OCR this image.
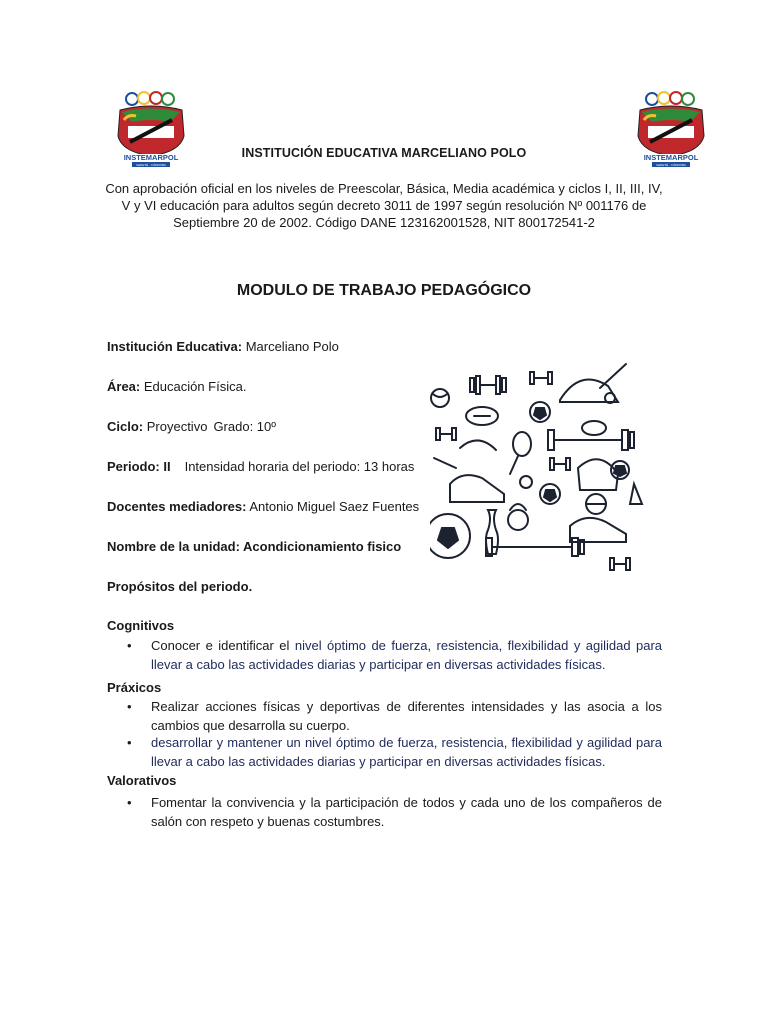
INSTEMARPOL
CERETÉ - CÓRDOBA
INSTEMARPOL
CERETÉ - CÓRDOBA
INSTITUCIÓN EDUCATIVA MARCELIANO POLO
Con aprobación oficial en los niveles de Preescolar, Básica, Media académica y ciclos I, II, III, IV, V y VI educación para adultos según decreto 3011 de 1997 según resolución Nº 001176 de Septiembre 20 de 2002. Código DANE 123162001528, NIT 800172541-2
MODULO DE TRABAJO PEDAGÓGICO
Institución Educativa: Marceliano Polo
Área: Educación Física.
Ciclo: Proyectivo Grado: 10º
Periodo: II Intensidad horaria del periodo: 13 horas
Docentes mediadores: Antonio Miguel Saez Fuentes
Nombre de la unidad: Acondicionamiento fisico
Propósitos del periodo.
Cognitivos
• Conocer e identificar el nivel óptimo de fuerza, resistencia, flexibilidad y agilidad para llevar a cabo las actividades diarias y participar en diversas actividades físicas.
Práxicos
• Realizar acciones físicas y deportivas de diferentes intensidades y las asocia a los cambios que desarrolla su cuerpo.
• desarrollar y mantener un nivel óptimo de fuerza, resistencia, flexibilidad y agilidad para llevar a cabo las actividades diarias y participar en diversas actividades físicas.
Valorativos
• Fomentar la convivencia y la participación de todos y cada uno de los compañeros de salón con respeto y buenas costumbres.
